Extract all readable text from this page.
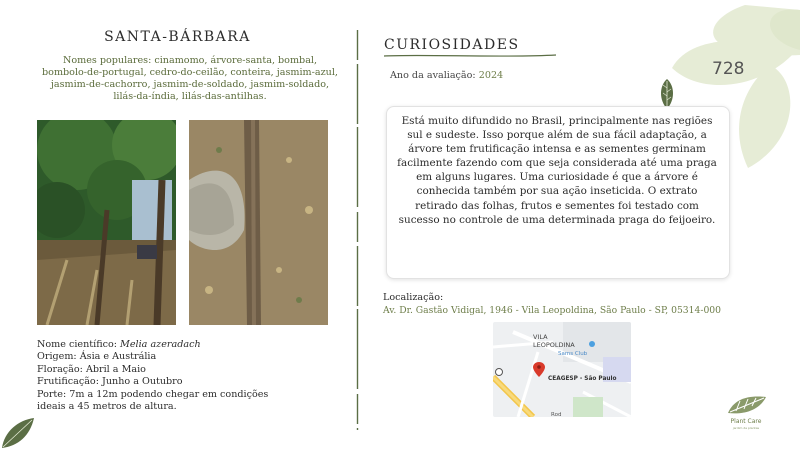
SANTA-BÁRBARA
Nomes populares: cinamomo, árvore-santa, bombal, bombolo-de-portugal, cedro-do-ceilão, conteira, jasmim-azul, jasmim-de-cachorro, jasmim-de-soldado, jasmim-soldado, lilás-da-índia, lilás-das-antilhas.
Nome científico: Melia azeradach
Origem: Ásia e Austrália
Floração: Abril a Maio
Frutificação: Junho a Outubro
Porte: 7m a 12m podendo chegar em condições
ideais a 45 metros de altura.
CURIOSIDADES
Ano da avaliação: 2024	728
Está muito difundido no Brasil, principalmente nas regiões sul e sudeste. Isso porque além de sua fácil adaptação, a árvore tem frutificação intensa e as sementes germinam facilmente fazendo com que seja considerada até uma praga em alguns lugares. Uma curiosidade é que a árvore é conhecida também por sua ação inseticida. O extrato retirado das folhas, frutos e sementes foi testado com sucesso no controle de uma determinada praga do feijoeiro.
Localização:
Av. Dr. Gastão Vidigal, 1946 - Vila Leopoldina, São Paulo - SP, 05314-000
VILA
LEOPOLDINA
Sams Club
CEAGESP - São Paulo
Rod
Plant Care
jardim de plantas
